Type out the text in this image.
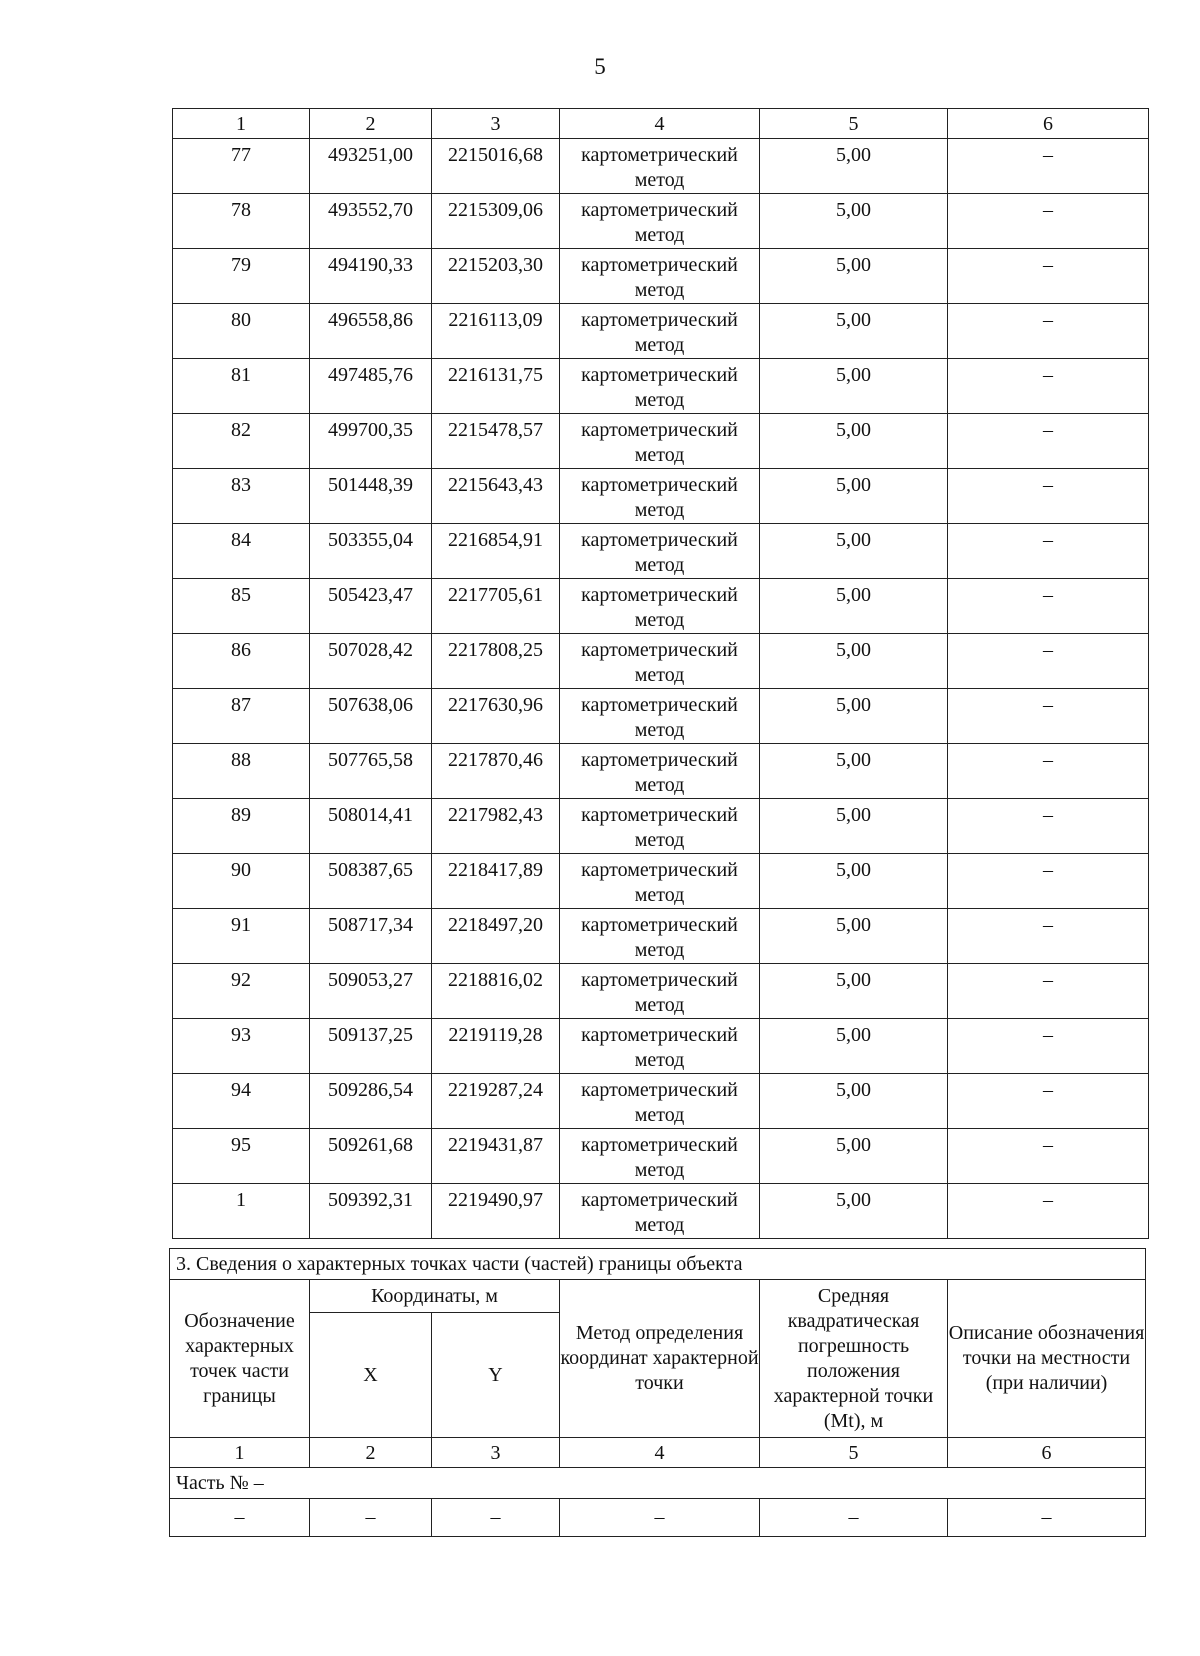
5
1	2	3	4	5	6
77	493251,00	2215016,68	картометрический метод	5,00	–
78	493552,70	2215309,06	картометрический метод	5,00	–
79	494190,33	2215203,30	картометрический метод	5,00	–
80	496558,86	2216113,09	картометрический метод	5,00	–
81	497485,76	2216131,75	картометрический метод	5,00	–
82	499700,35	2215478,57	картометрический метод	5,00	–
83	501448,39	2215643,43	картометрический метод	5,00	–
84	503355,04	2216854,91	картометрический метод	5,00	–
85	505423,47	2217705,61	картометрический метод	5,00	–
86	507028,42	2217808,25	картометрический метод	5,00	–
87	507638,06	2217630,96	картометрический метод	5,00	–
88	507765,58	2217870,46	картометрический метод	5,00	–
89	508014,41	2217982,43	картометрический метод	5,00	–
90	508387,65	2218417,89	картометрический метод	5,00	–
91	508717,34	2218497,20	картометрический метод	5,00	–
92	509053,27	2218816,02	картометрический метод	5,00	–
93	509137,25	2219119,28	картометрический метод	5,00	–
94	509286,54	2219287,24	картометрический метод	5,00	–
95	509261,68	2219431,87	картометрический метод	5,00	–
1	509392,31	2219490,97	картометрический метод	5,00	–
3. Сведения о характерных точках части (частей) границы объекта					
Обозначение характерных точек части границы	Координаты, м		Метод определения координат характерной точки	Средняя квадратическая погрешность положения характерной точки (Mt), м	Описание обозначения точки на местности (при наличии)
	X	Y			
1	2	3	4	5	6
Часть № –					
–	–	–	–	–	–
